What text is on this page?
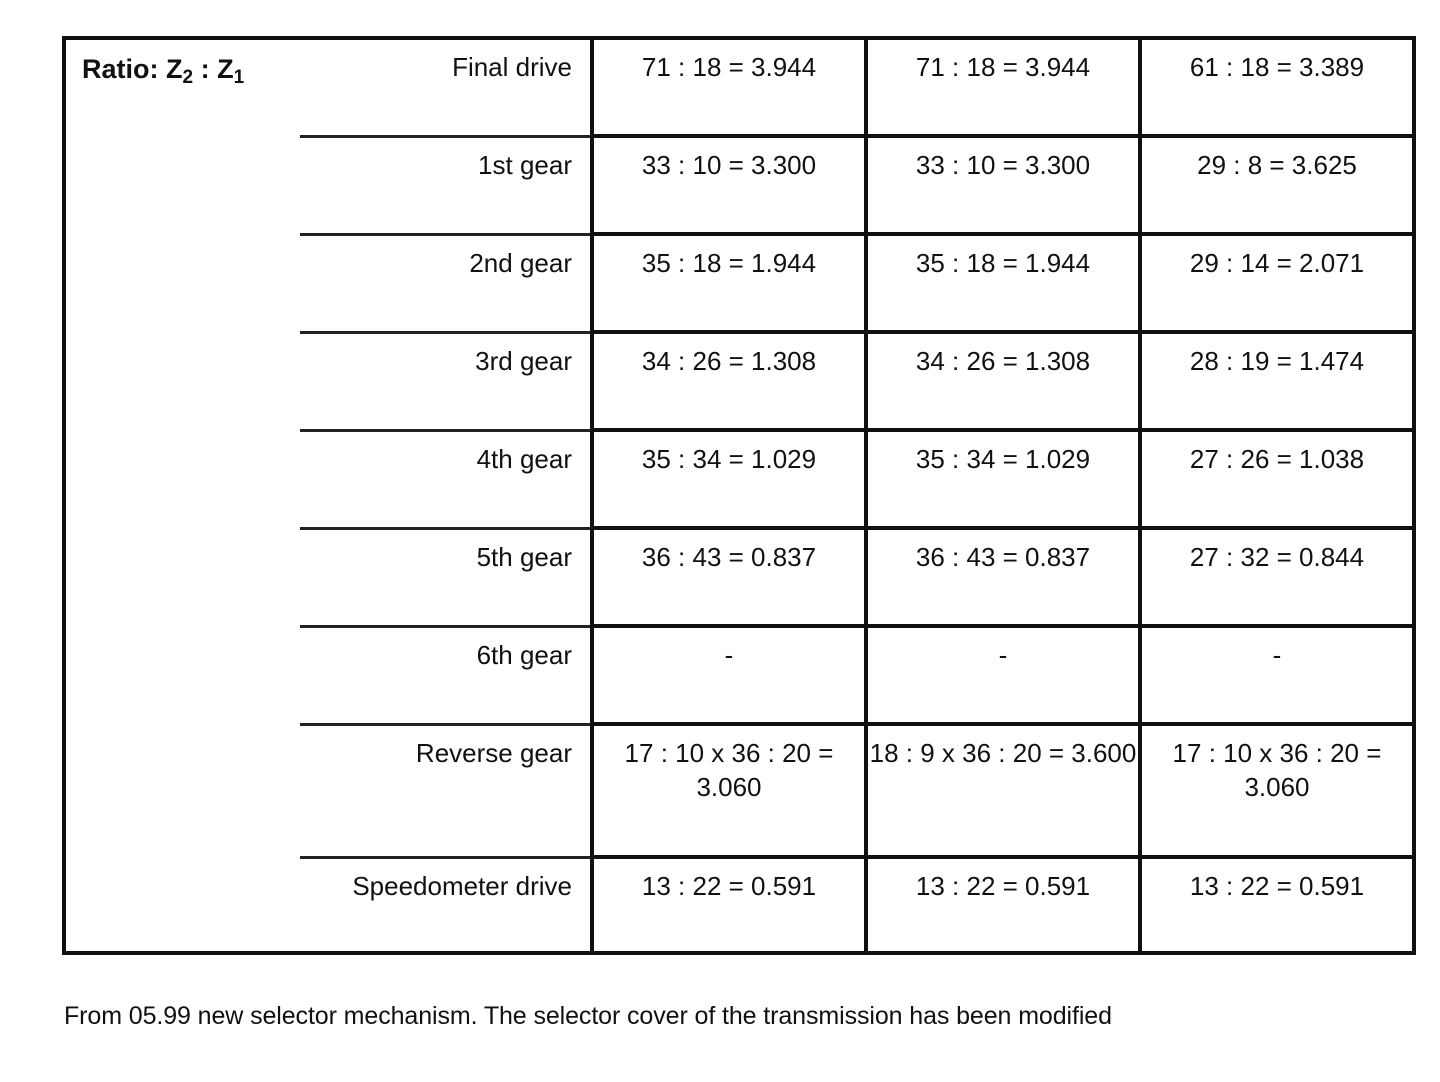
Ratio: $Z_2$ : $Z_1$	Final drive	71 : 18 = 3.944	71 : 18 = 3.944	61 : 18 = 3.389

	1st gear	33 : 10 = 3.300	33 : 10 = 3.300	29 : 8 = 3.625

	2nd gear	35 : 18 = 1.944	35 : 18 = 1.944	29 : 14 = 2.071

	3rd gear	34 : 26 = 1.308	34 : 26 = 1.308	28 : 19 = 1.474

	4th gear	35 : 34 = 1.029	35 : 34 = 1.029	27 : 26 = 1.038

	5th gear	36 : 43 = 0.837	36 : 43 = 0.837	27 : 32 = 0.844

	6th gear	-	-	-

	Reverse gear	17 : 10 x 36 : 20 = 3.060	18 : 9 x 36 : 20 = 3.600	17 : 10 x 36 : 20 = 3.060

	Speedometer drive	13 : 22 = 0.591	13 : 22 = 0.591	13 : 22 = 0.591
From 05.99 new selector mechanism. The selector cover of the transmission has been modified
